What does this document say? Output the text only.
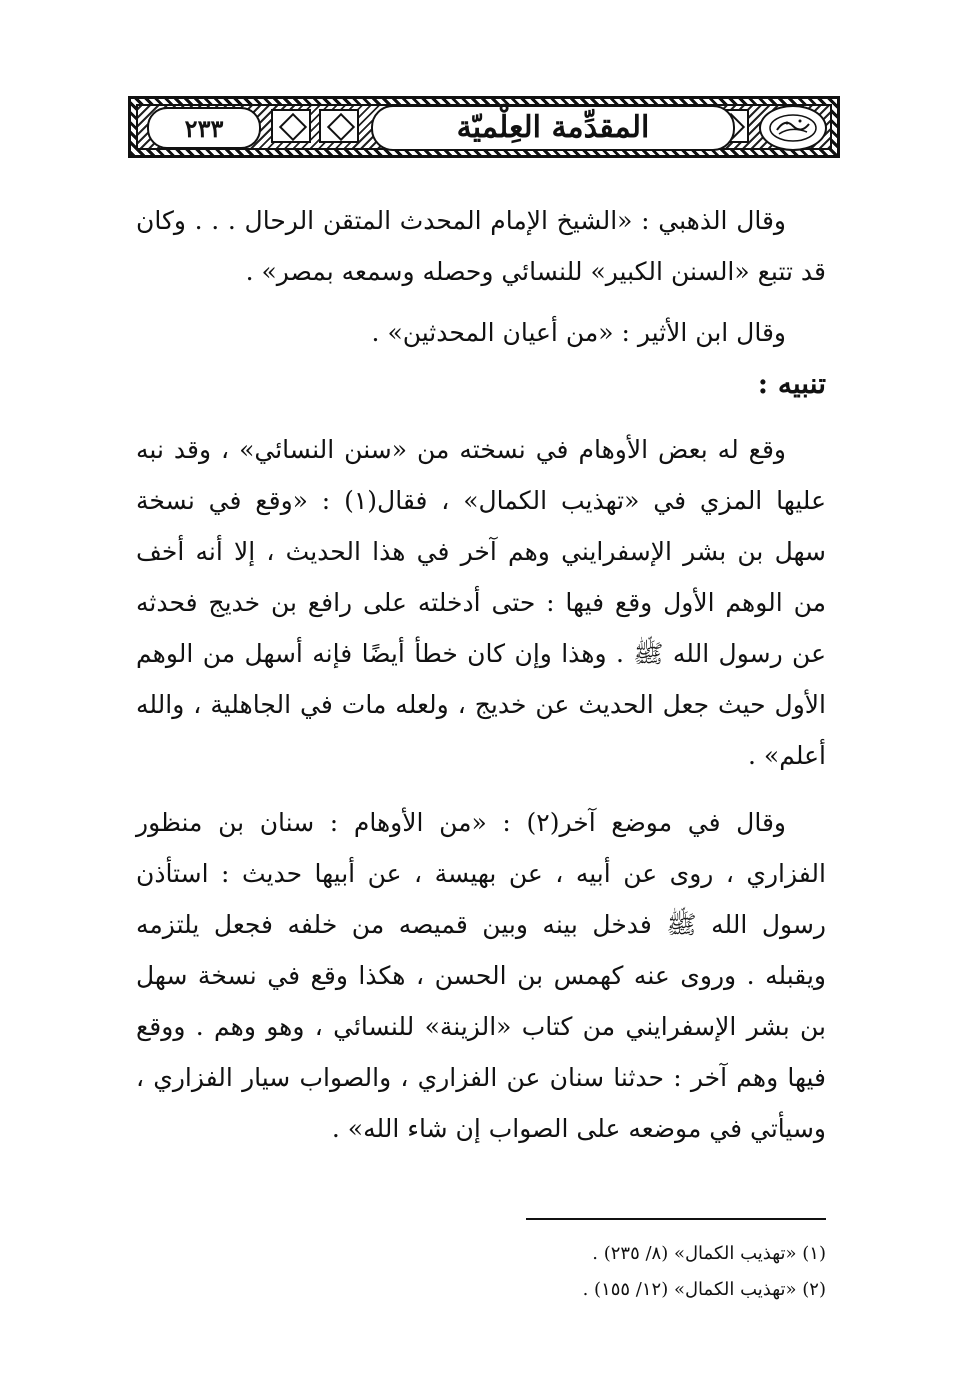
المقدِّمة العِلْميّة
٢٣٣

وقال الذهبي : «الشيخ الإمام المحدث المتقن الرحال . . . وكان قد تتبع «السنن الكبير» للنسائي وحصله وسمعه بمصر» .

وقال ابن الأثير : «من أعيان المحدثين» .

تنبيه :

وقع له بعض الأوهام في نسخته من «سنن النسائي» ، وقد نبه عليها المزي في «تهذيب الكمال» ، فقال(١) : «وقع في نسخة سهل بن بشر الإسفرايني وهم آخر في هذا الحديث ، إلا أنه أخف من الوهم الأول وقع فيها : حتى أدخلته على رافع بن خديج فحدثه عن رسول الله ﷺ . وهذا وإن كان خطأ أيضًا فإنه أسهل من الوهم الأول حيث جعل الحديث عن خديج ، ولعله مات في الجاهلية ، والله أعلم» .

وقال في موضع آخر(٢) : «من الأوهام : سنان بن منظور الفزاري ، روى عن أبيه ، عن بهيسة ، عن أبيها حديث : استأذن رسول الله ﷺ فدخل بينه وبين قميصه من خلفه فجعل يلتزمه ويقبله . وروى عنه كهمس بن الحسن ، هكذا وقع في نسخة سهل بن بشر الإسفرايني من كتاب «الزينة» للنسائي ، وهو وهم . ووقع فيها وهم آخر : حدثنا سنان عن الفزاري ، والصواب سيار الفزاري ، وسيأتي في موضعه على الصواب إن شاء الله» .

(١) «تهذيب الكمال» (٨/ ٢٣٥) .
(٢) «تهذيب الكمال» (١٢/ ١٥٥) .
